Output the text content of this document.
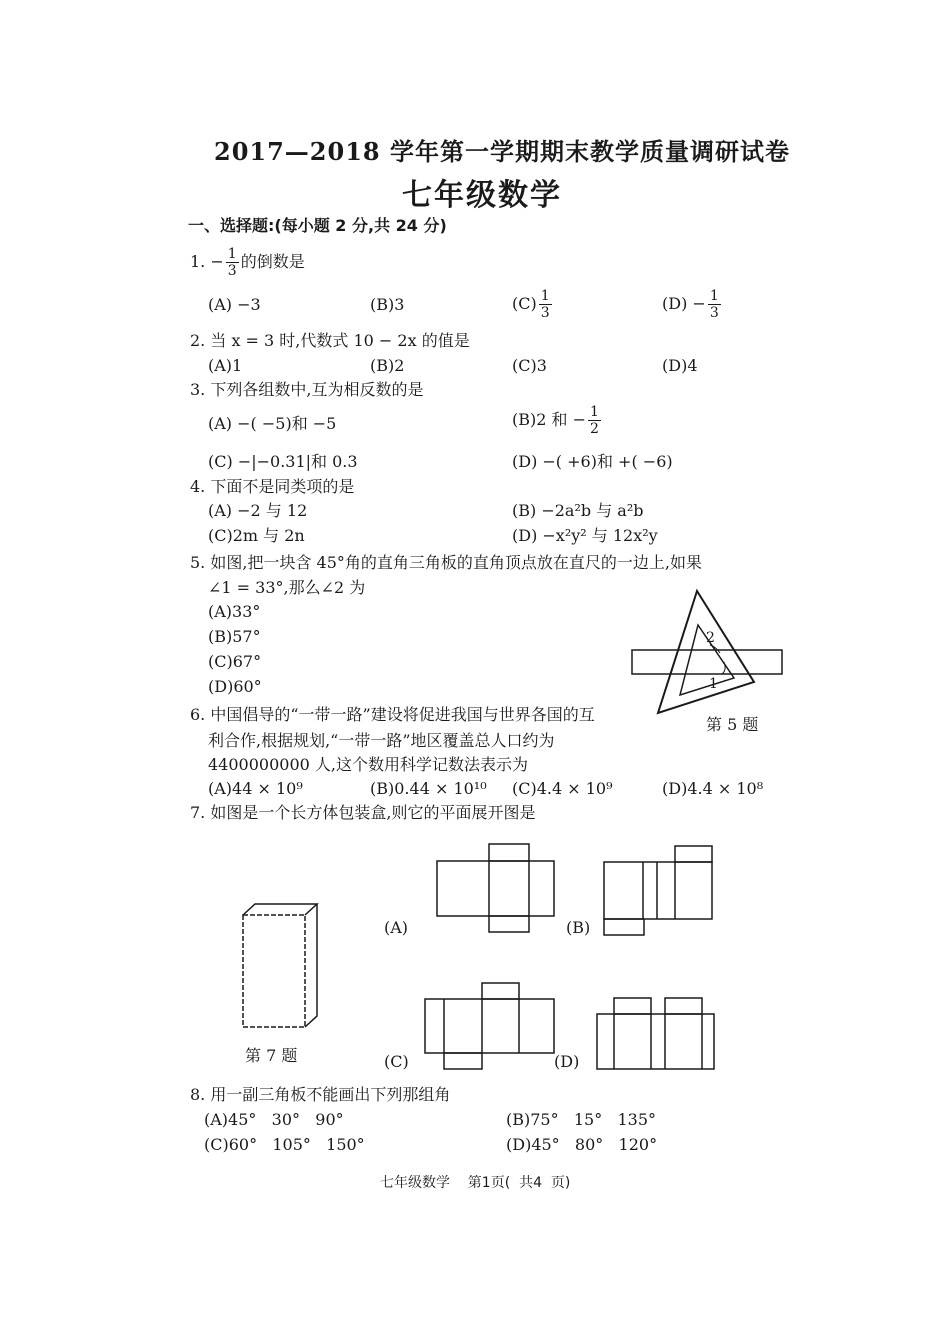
2017—2018 学年第一学期期末教学质量调研试卷
七年级数学
一、选择题:(每小题 2 分,共 24 分)
1. − $\frac{1}{3}$ 的倒数是
(A) −3	(B)3	$(C) \frac{1}{3}$	$(D) - \frac{1}{3}$
2. 当 x = 3 时,代数式 10 − 2x 的值是
(A)1	(B)2	(C)3	(D)4
3. 下列各组数中,互为相反数的是
(A) −( −5)和 −5	(B)2 和 − $\frac{1}{2}$
(C) −|−0.31|和 0.3	(D) −( +6)和 +( −6)
4. 下面不是同类项的是
(A) −2 与 12	(B) −2a²b 与 a²b
(C)2m 与 2n	(D) −x²y² 与 12x²y
5. 如图,把一块含 45°角的直角三角板的直角顶点放在直尺的一边上,如果
∠1 = 33°,那么∠2 为
(A)33°
(B)57°
(C)67°
(D)60°
2
1
第 5 题
6. 中国倡导的“一带一路”建设将促进我国与世界各国的互
利合作,根据规划,“一带一路”地区覆盖总人口约为
4400000000 人,这个数用科学记数法表示为
(A)44 × 10⁹	(B)0.44 × 10¹⁰ (C)4.4 × 10⁹	(D)4.4 × 10⁸
7. 如图是一个长方体包装盒,则它的平面展开图是
第 7 题
(A)	(B)
(C)	(D)
8. 用一副三角板不能画出下列那组角
(A)45°   30°   90°	(B)75°   15°   135°
(C)60°   105°   150°	(D)45°   80°   120°
七年级数学    第1页(  共4  页)
